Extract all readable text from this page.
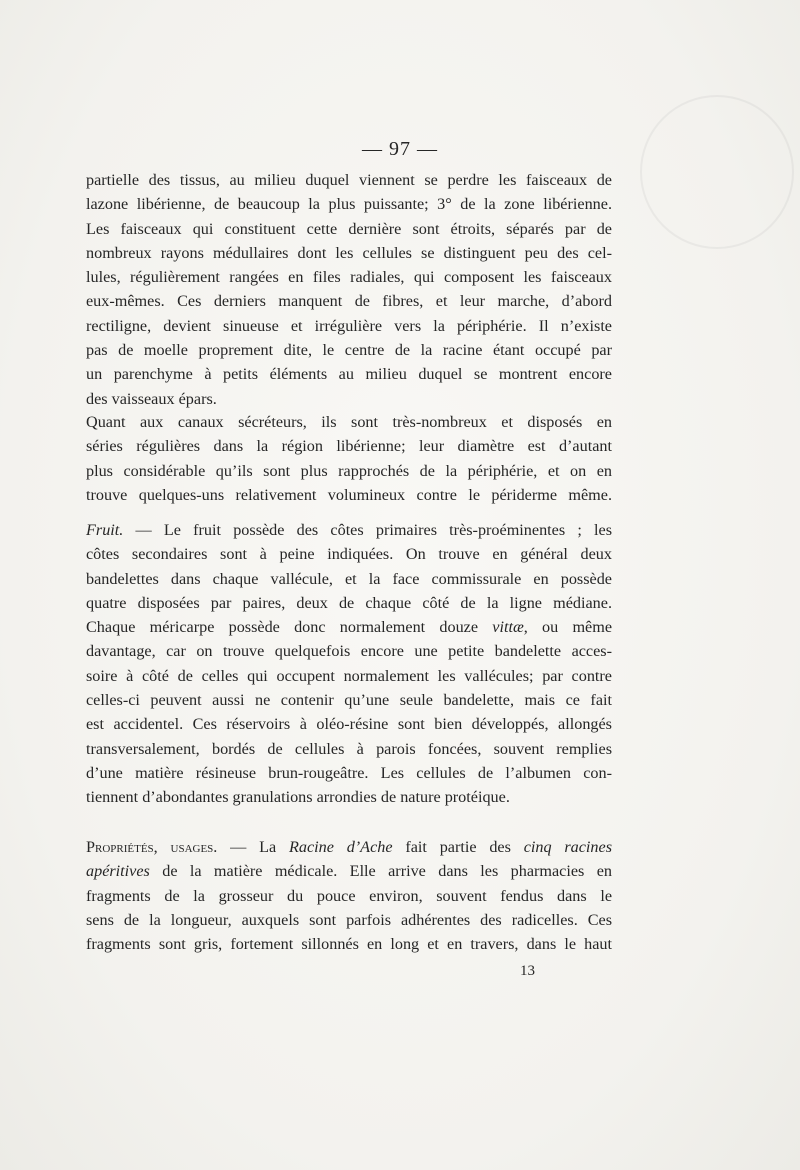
— 97 —
partielle des tissus, au milieu duquel viennent se perdre les faisceaux de
lazone libérienne, de beaucoup la plus puissante; 3° de la zone libérienne.
Les faisceaux qui constituent cette dernière sont étroits, séparés par de
nombreux rayons médullaires dont les cellules se distinguent peu des cel-
lules, régulièrement rangées en files radiales, qui composent les faisceaux
eux-mêmes. Ces derniers manquent de fibres, et leur marche, d’abord
rectiligne, devient sinueuse et irrégulière vers la périphérie. Il n’existe
pas de moelle proprement dite, le centre de la racine étant occupé par
un parenchyme à petits éléments au milieu duquel se montrent encore
des vaisseaux épars.
Quant aux canaux sécréteurs, ils sont très-nombreux et disposés en
séries régulières dans la région libérienne; leur diamètre est d’autant
plus considérable qu’ils sont plus rapprochés de la périphérie, et on en
trouve quelques-uns relativement volumineux contre le périderme même.
Fruit. — Le fruit possède des côtes primaires très-proéminentes ; les
côtes secondaires sont à peine indiquées. On trouve en général deux
bandelettes dans chaque vallécule, et la face commissurale en possède
quatre disposées par paires, deux de chaque côté de la ligne médiane.
Chaque méricarpe possède donc normalement douze vittæ, ou même
davantage, car on trouve quelquefois encore une petite bandelette acces-
soire à côté de celles qui occupent normalement les vallécules; par contre
celles-ci peuvent aussi ne contenir qu’une seule bandelette, mais ce fait
est accidentel. Ces réservoirs à oléo-résine sont bien développés, allongés
transversalement, bordés de cellules à parois foncées, souvent remplies
d’une matière résineuse brun-rougeâtre. Les cellules de l’albumen con-
tiennent d’abondantes granulations arrondies de nature protéique.
Propriétés, usages. — La Racine d’Ache fait partie des cinq racines
apéritives de la matière médicale. Elle arrive dans les pharmacies en
fragments de la grosseur du pouce environ, souvent fendus dans le
sens de la longueur, auxquels sont parfois adhérentes des radicelles. Ces
fragments sont gris, fortement sillonnés en long et en travers, dans le haut
13
